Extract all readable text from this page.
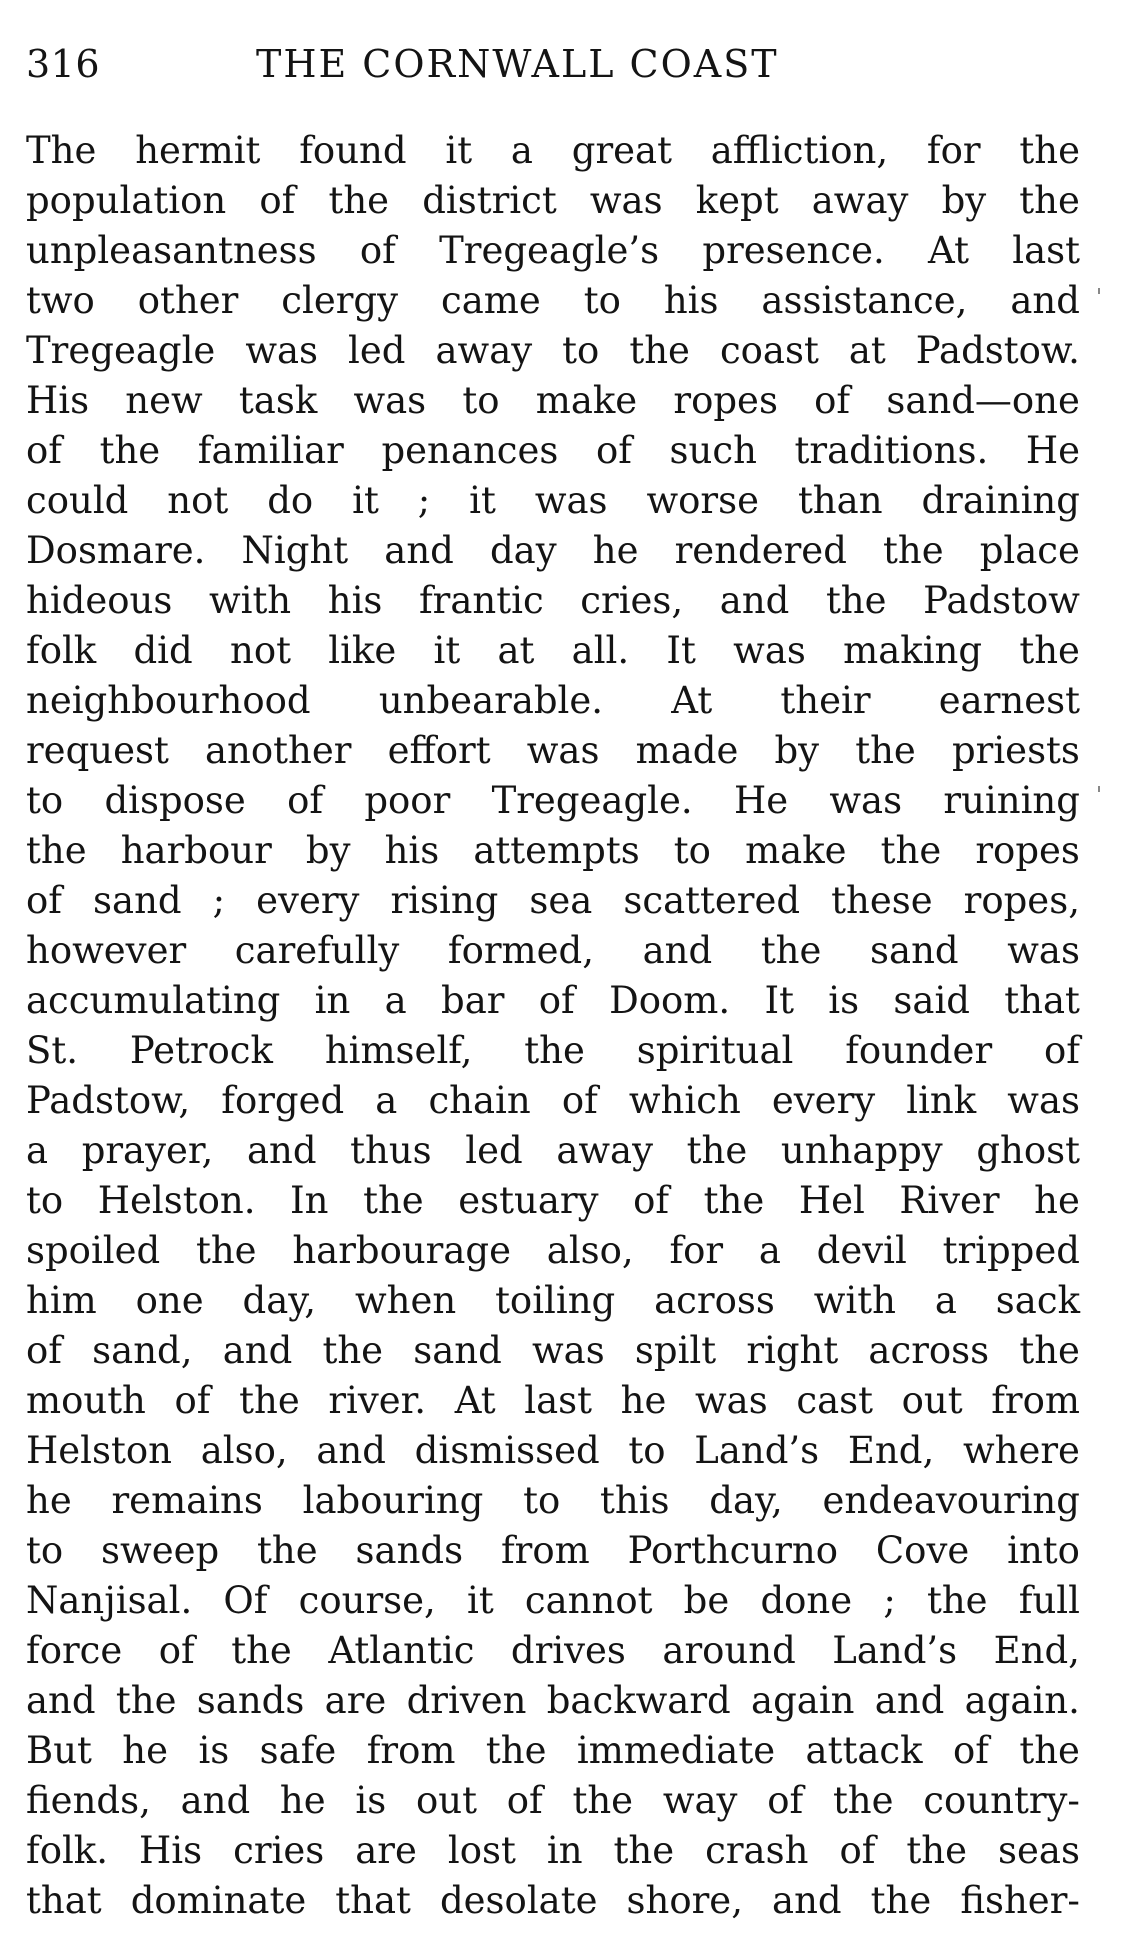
316	THE CORNWALL COAST
The hermit found it a great affliction, for the
population of the district was kept away by the
unpleasantness of Tregeagle’s presence. At last
two other clergy came to his assistance, and
Tregeagle was led away to the coast at Padstow.
His new task was to make ropes of sand—one
of the familiar penances of such traditions. He
could not do it ; it was worse than draining
Dosmare. Night and day he rendered the place
hideous with his frantic cries, and the Padstow
folk did not like it at all. It was making the
neighbourhood unbearable. At their earnest
request another effort was made by the priests
to dispose of poor Tregeagle. He was ruining
the harbour by his attempts to make the ropes
of sand ; every rising sea scattered these ropes,
however carefully formed, and the sand was
accumulating in a bar of Doom. It is said that
St. Petrock himself, the spiritual founder of
Padstow, forged a chain of which every link was
a prayer, and thus led away the unhappy ghost
to Helston. In the estuary of the Hel River he
spoiled the harbourage also, for a devil tripped
him one day, when toiling across with a sack
of sand, and the sand was spilt right across the
mouth of the river. At last he was cast out from
Helston also, and dismissed to Land’s End, where
he remains labouring to this day, endeavouring
to sweep the sands from Porthcurno Cove into
Nanjisal. Of course, it cannot be done ; the full
force of the Atlantic drives around Land’s End,
and the sands are driven backward again and again.
But he is safe from the immediate attack of the
fiends, and he is out of the way of the country-
folk. His cries are lost in the crash of the seas
that dominate that desolate shore, and the fisher-
